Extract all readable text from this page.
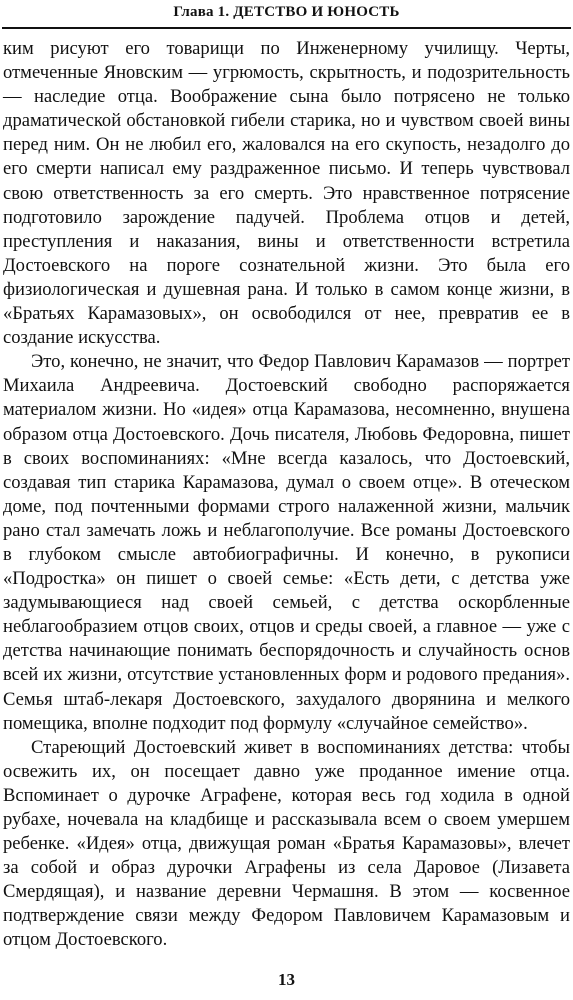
Глава 1. ДЕТСТВО И ЮНОСТЬ

ким рисуют его товарищи по Инженерному училищу. Черты, отмеченные Яновским — угрюмость, скрытность, и подозрительность — наследие отца. Воображение сына было потрясено не только драматической обстановкой гибели старика, но и чувством своей вины перед ним. Он не любил его, жаловался на его скупость, незадолго до его смерти написал ему раздраженное письмо. И теперь чувствовал свою ответственность за его смерть. Это нравственное потрясение подготовило зарождение падучей. Проблема отцов и детей, преступления и наказания, вины и ответственности встретила Достоевского на пороге сознательной жизни. Это была его физиологическая и душевная рана. И только в самом конце жизни, в «Братьях Карамазовых», он освободился от нее, превратив ее в создание искусства.

Это, конечно, не значит, что Федор Павлович Карамазов — портрет Михаила Андреевича. Достоевский свободно распоряжается материалом жизни. Но «идея» отца Карамазова, несомненно, внушена образом отца Достоевского. Дочь писателя, Любовь Федоровна, пишет в своих воспоминаниях: «Мне всегда казалось, что Достоевский, создавая тип старика Карамазова, думал о своем отце». В отеческом доме, под почтенными формами строго налаженной жизни, мальчик рано стал замечать ложь и неблагополучие. Все романы Достоевского в глубоком смысле автобиографичны. И конечно, в рукописи «Подростка» он пишет о своей семье: «Есть дети, с детства уже задумывающиеся над своей семьей, с детства оскорбленные неблагообразием отцов своих, отцов и среды своей, а главное — уже с детства начинающие понимать беспорядочность и случайность основ всей их жизни, отсутствие установленных форм и родового предания». Семья штаб-лекаря Достоевского, захудалого дворянина и мелкого помещика, вполне подходит под формулу «случайное семейство».

Стареющий Достоевский живет в воспоминаниях детства: чтобы освежить их, он посещает давно уже проданное имение отца. Вспоминает о дурочке Аграфене, которая весь год ходила в одной рубахе, ночевала на кладбище и рассказывала всем о своем умершем ребенке. «Идея» отца, движущая роман «Братья Карамазовы», влечет за собой и образ дурочки Аграфены из села Даровое (Лизавета Смердящая), и название деревни Чермашня. В этом — косвенное подтверждение связи между Федором Павловичем Карамазовым и отцом Достоевского.

13
